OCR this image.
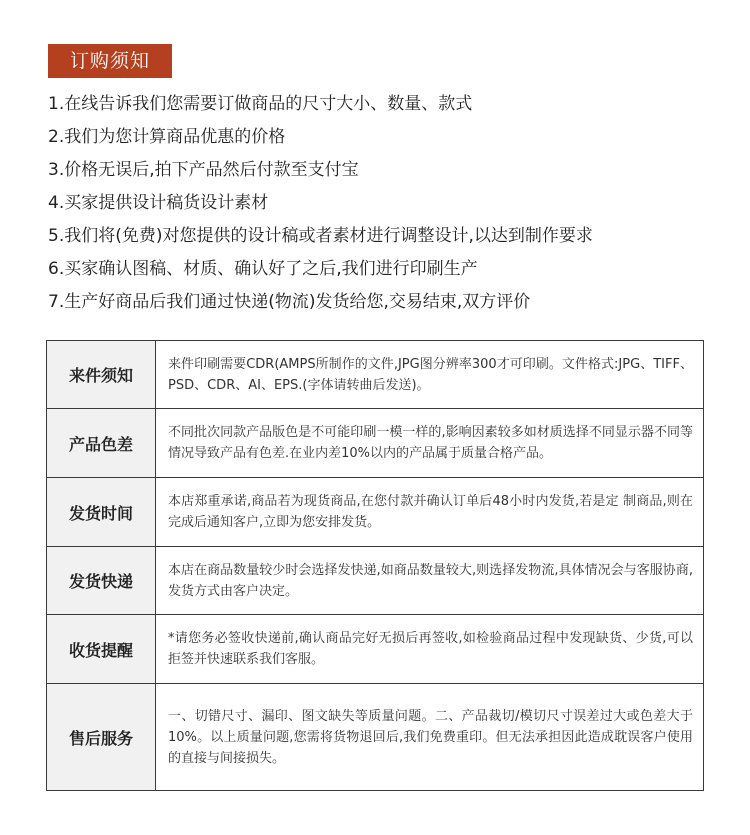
订购须知
1.在线告诉我们您需要订做商品的尺寸大小、数量、款式
2.我们为您计算商品优惠的价格
3.价格无误后,拍下产品然后付款至支付宝
4.买家提供设计稿货设计素材
5.我们将(免费)对您提供的设计稿或者素材进行调整设计,以达到制作要求
6.买家确认图稿、材质、确认好了之后,我们进行印刷生产
7.生产好商品后我们通过快递(物流)发货给您,交易结束,双方评价
来件须知	来件印刷需要CDR(AMPS所制作的文件,JPG图分辨率300才可印刷。文件格式:JPG、TIFF、PSD、CDR、AI、EPS.(字体请转曲后发送)。
产品色差	不同批次同款产品版色是不可能印刷一模一样的,影响因素较多如材质选择不同显示器不同等情况导致产品有色差.在业内差10%以内的产品属于质量合格产品。
发货时间	本店郑重承诺,商品若为现货商品,在您付款并确认订单后48小时内发货,若是定 制商品,则在完成后通知客户,立即为您安排发货。
发货快递	本店在商品数量较少时会选择发快递,如商品数量较大,则选择发物流,具体情况会与客服协商,发货方式由客户决定。
收货提醒	*请您务必签收快递前,确认商品完好无损后再签收,如检验商品过程中发现缺货、少货,可以拒签并快速联系我们客服。
售后服务	一、切错尺寸、漏印、图文缺失等质量问题。二、产品裁切/模切尺寸误差过大或色差大于10%。以上质量问题,您需将货物退回后,我们免费重印。但无法承担因此造成耽误客户使用的直接与间接损失。
